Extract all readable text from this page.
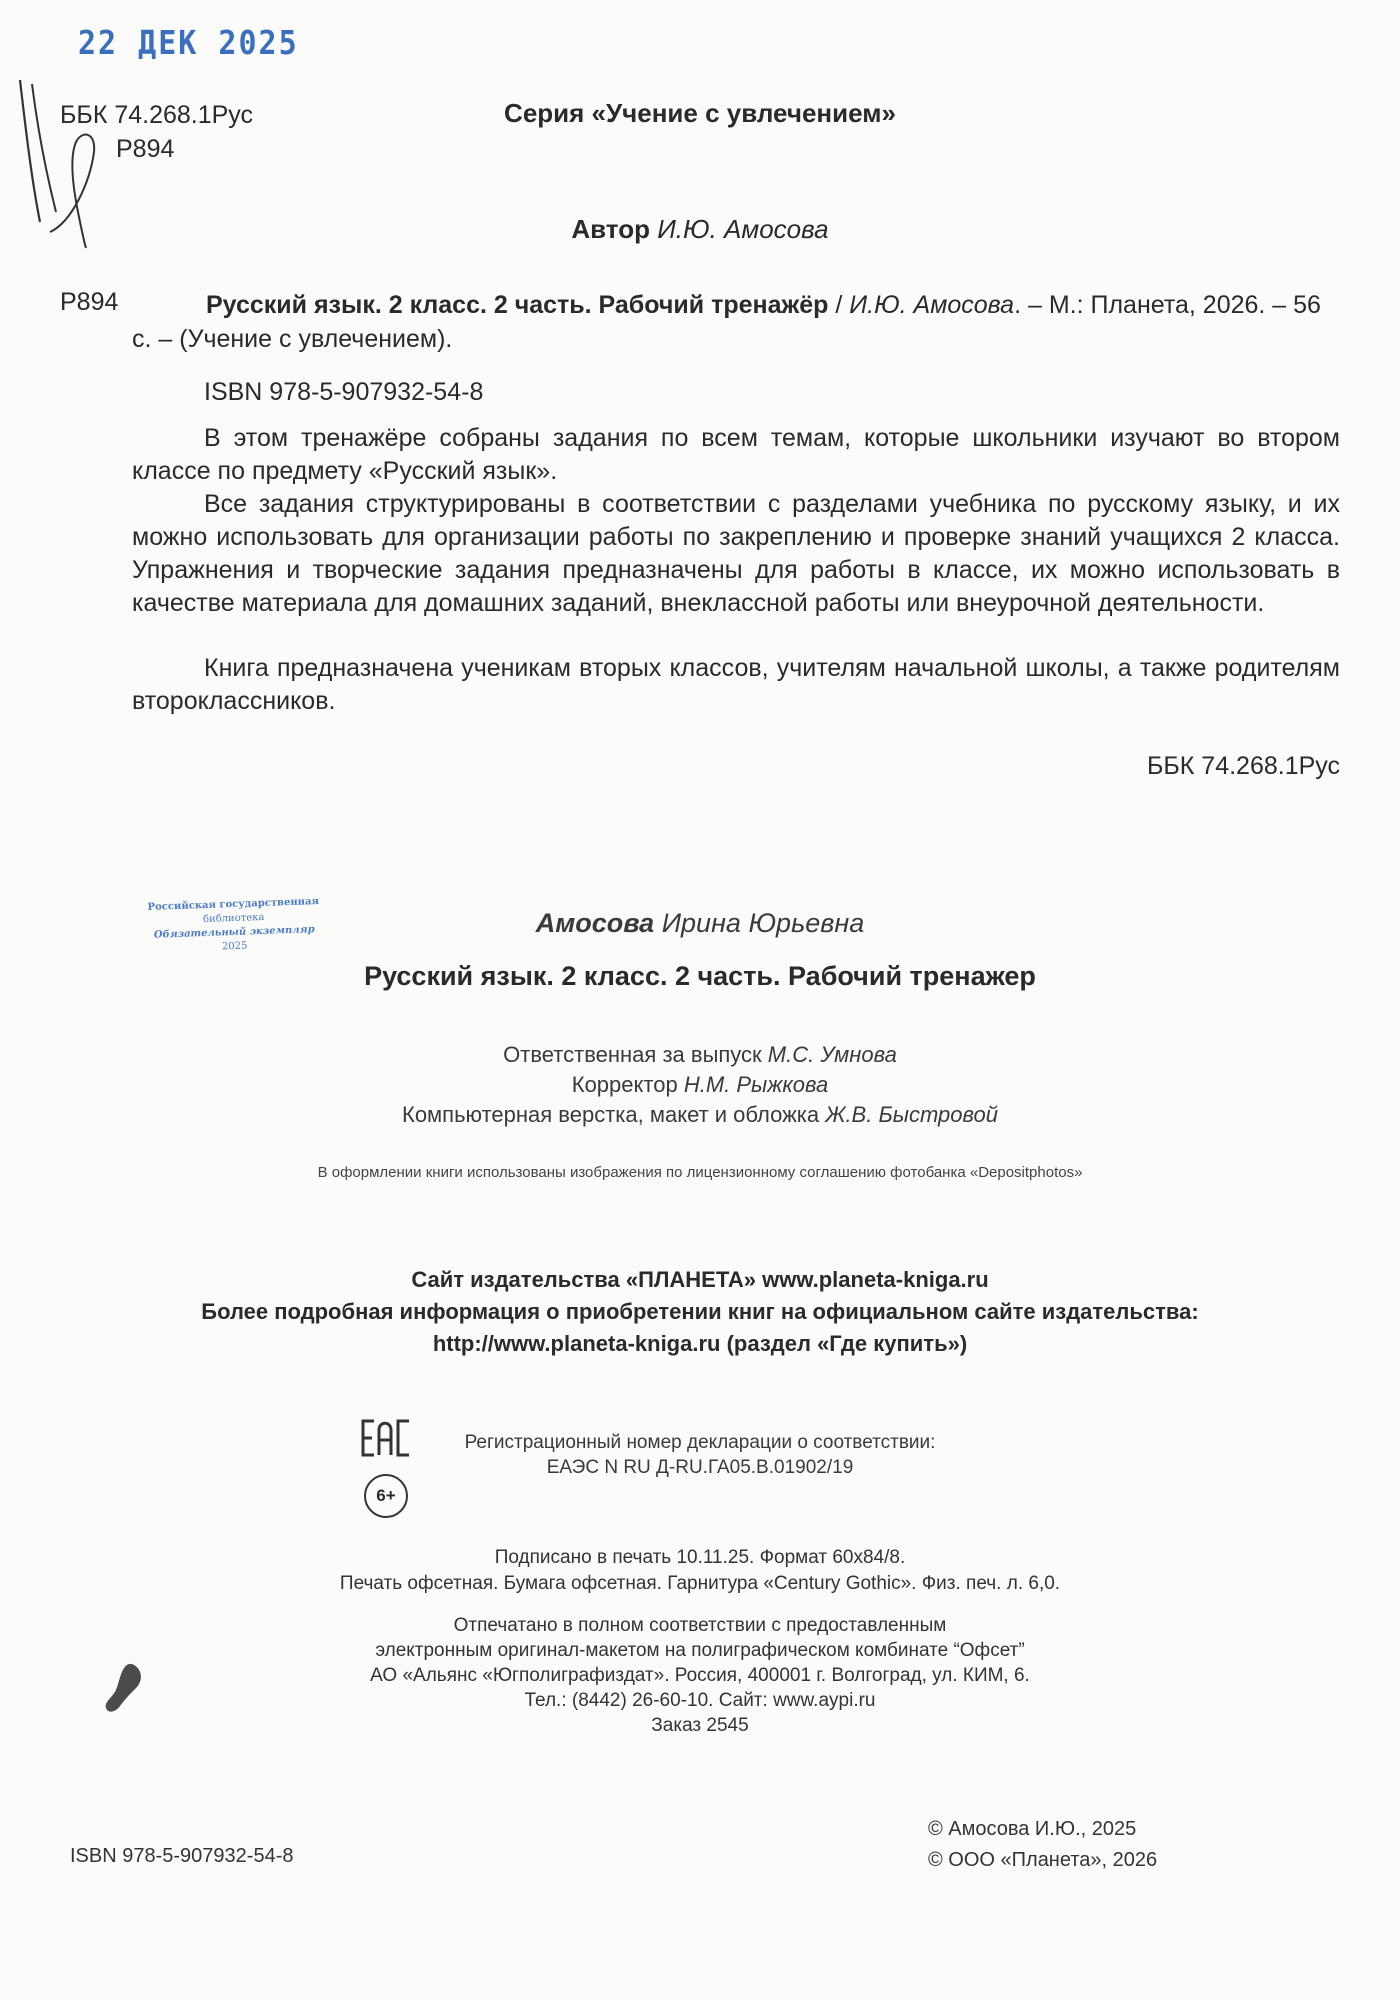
22 ДЕК 2025
ББК 74.268.1Рус
Р894
Серия «Учение с увлечением»
Автор И.Ю. Амосова
Р894	Русский язык. 2 класс. 2 часть. Рабочий тренажёр / И.Ю. Амосова. – М.: Планета, 2026. – 56 с. – (Учение с увлечением).
ISBN 978-5-907932-54-8

В этом тренажёре собраны задания по всем темам, которые школьники изучают во втором классе по предмету «Русский язык».

Все задания структурированы в соответствии с разделами учебника по русскому языку, и их можно использовать для организации работы по закреплению и проверке знаний учащихся 2 класса. Упражнения и творческие задания предназначены для работы в классе, их можно использовать в качестве материала для домашних заданий, внеклассной работы или внеурочной деятельности.

Книга предназначена ученикам вторых классов, учителям начальной школы, а также родителям второклассников.

ББК 74.268.1Рус
Российская государственная
библиотека
Обязательный экземпляр
2025
Амосова Ирина Юрьевна
Русский язык. 2 класс. 2 часть. Рабочий тренажер
Ответственная за выпуск М.С. Умнова
Корректор Н.М. Рыжкова
Компьютерная верстка, макет и обложка Ж.В. Быстровой
В оформлении книги использованы изображения по лицензионному соглашению фотобанка «Depositphotos»
Сайт издательства «ПЛАНЕТА» www.planeta-kniga.ru
Более подробная информация о приобретении книг на официальном сайте издательства:
http://www.planeta-kniga.ru (раздел «Где купить»)
6+
Регистрационный номер декларации о соответствии:
ЕАЭС N RU Д-RU.ГА05.В.01902/19
Подписано в печать 10.11.25. Формат 60х84/8.
Печать офсетная. Бумага офсетная. Гарнитура «Century Gothic». Физ. печ. л. 6,0.
Отпечатано в полном соответствии с предоставленным
электронным оригинал-макетом на полиграфическом комбинате “Офсет”
АО «Альянс «Югполиграфиздат». Россия, 400001 г. Волгоград, ул. КИМ, 6.
Тел.: (8442) 26-60-10. Сайт: www.aypi.ru
Заказ 2545
ISBN 978-5-907932-54-8
© Амосова И.Ю., 2025
© ООО «Планета», 2026
